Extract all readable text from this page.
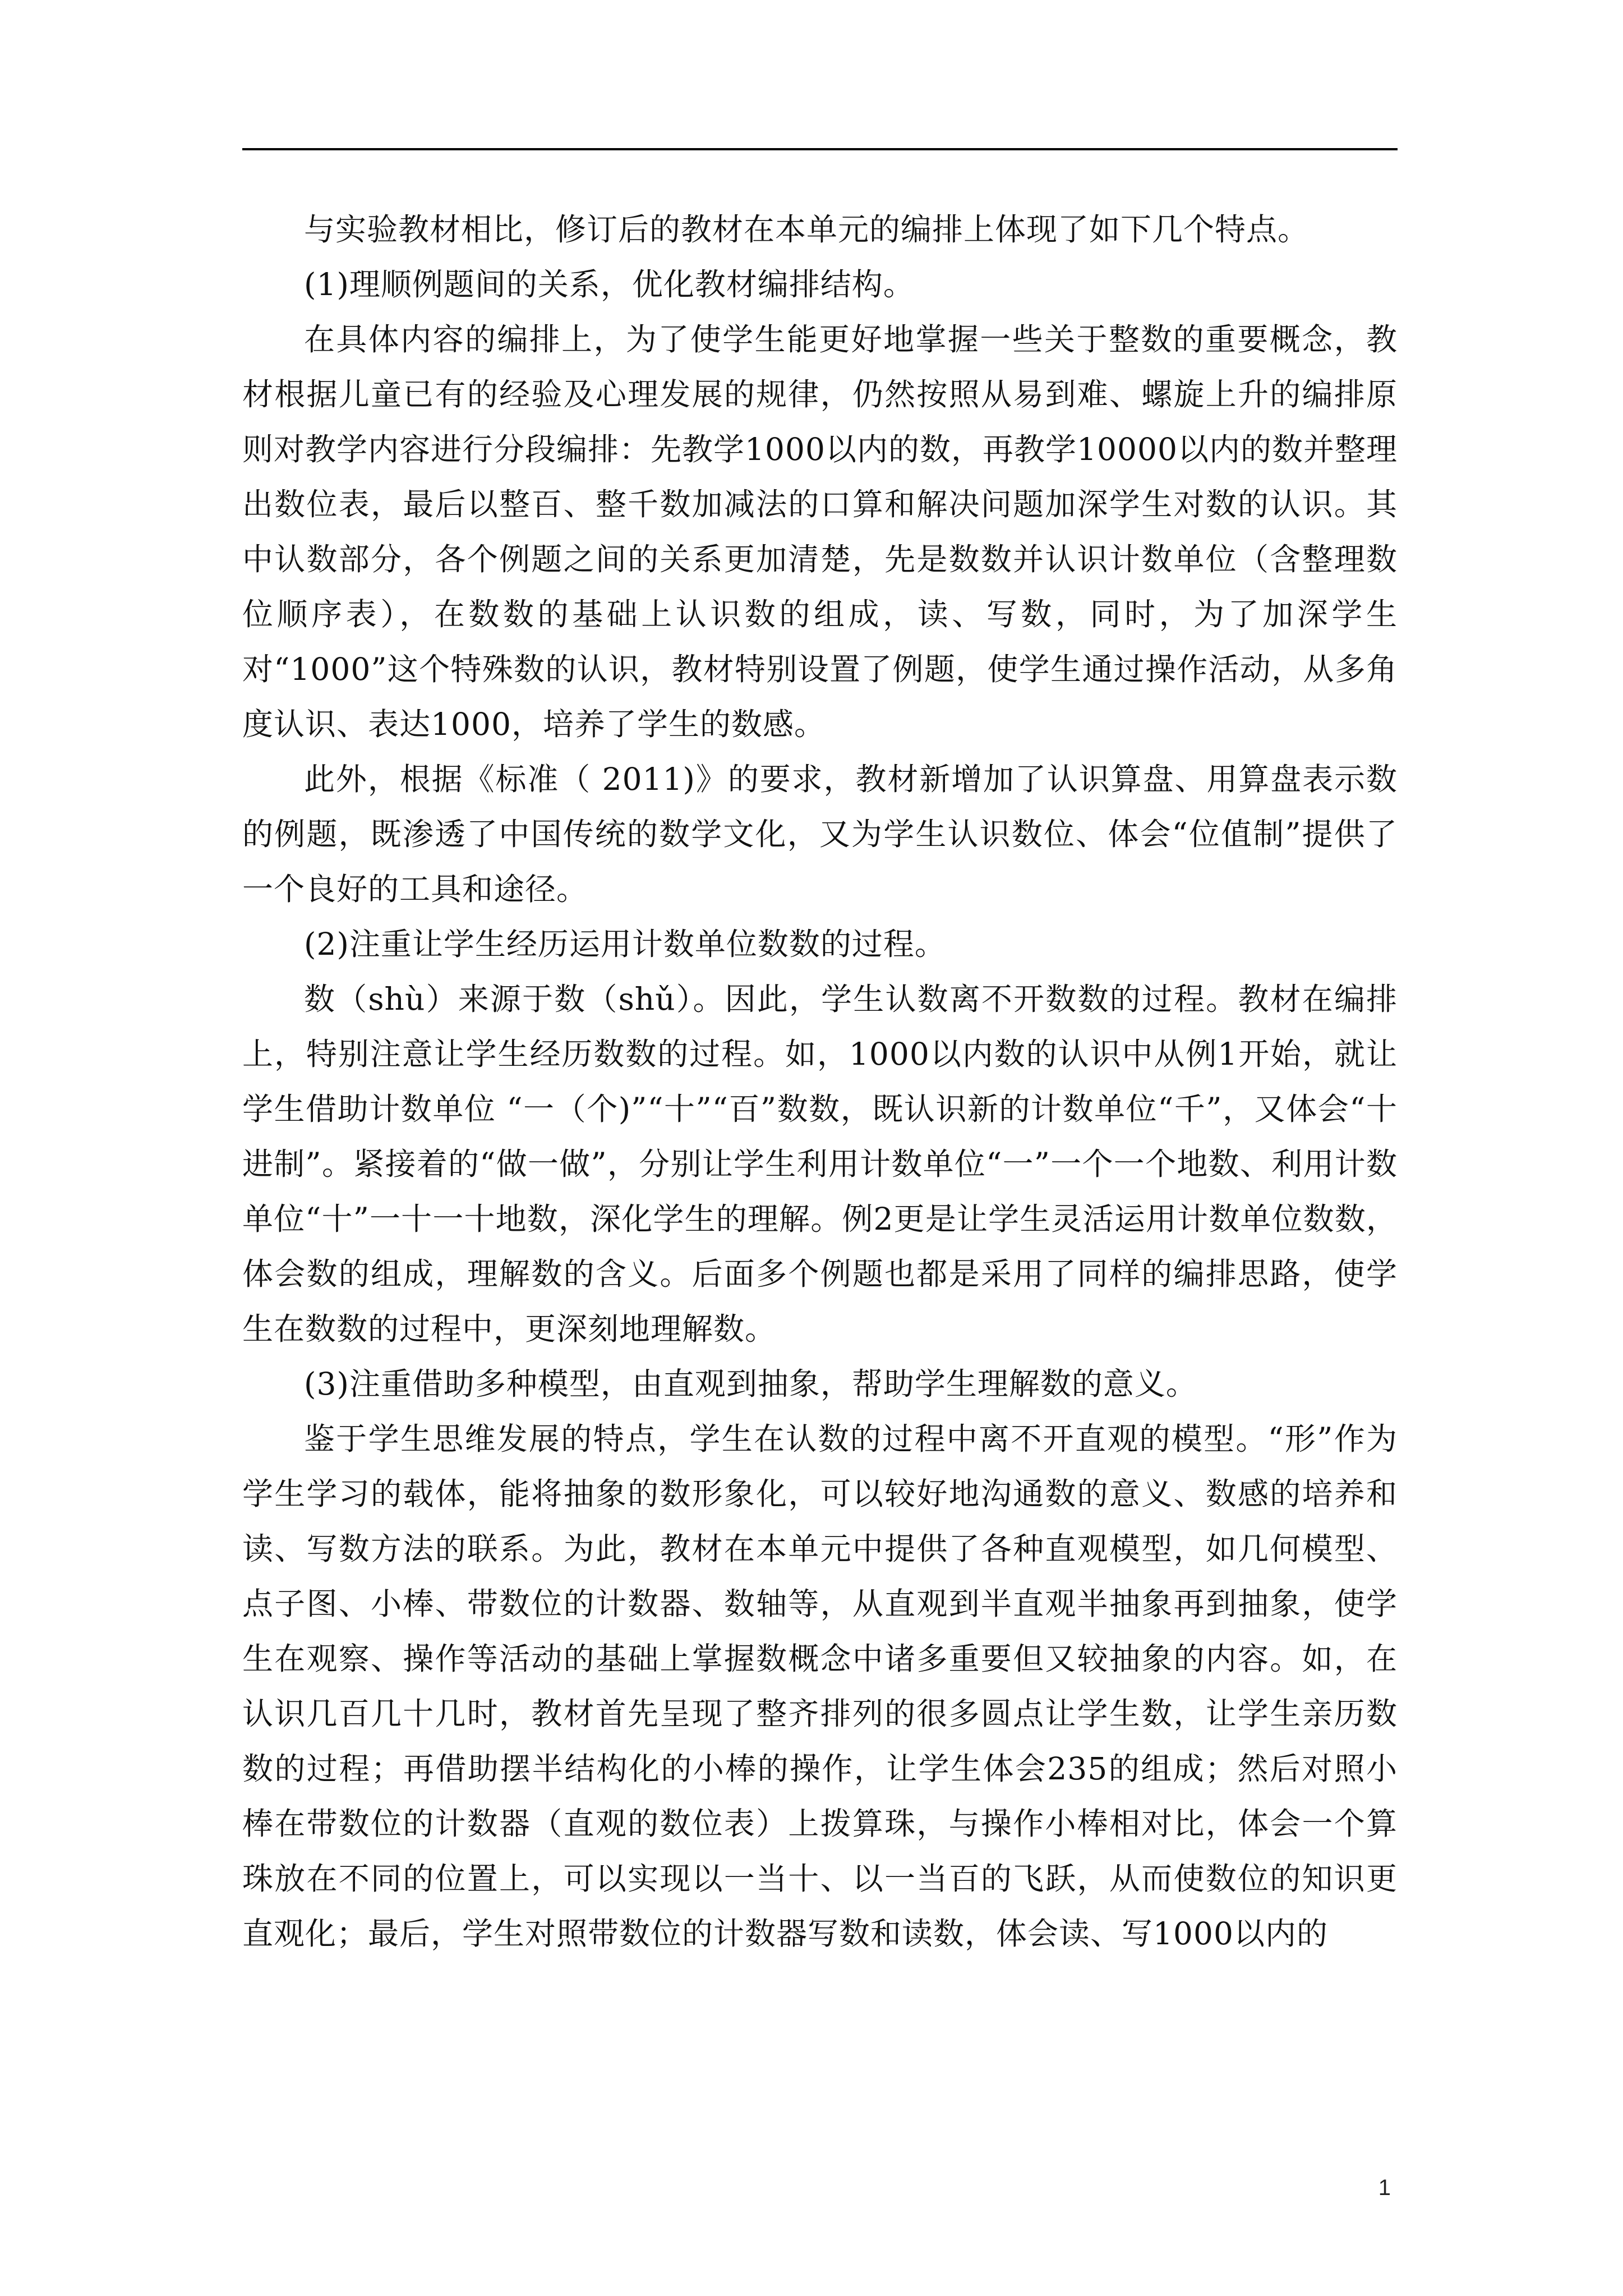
与实验教材相比，修订后的教材在本单元的编排上体现了如下几个特点。

(1)理顺例题间的关系，优化教材编排结构。

在具体内容的编排上，为了使学生能更好地掌握一些关于整数的重要概念，教材根据儿童已有的经验及心理发展的规律，仍然按照从易到难、螺旋上升的编排原则对教学内容进行分段编排：先教学1000以内的数，再教学10000以内的数并整理出数位表，最后以整百、整千数加减法的口算和解决问题加深学生对数的认识。其中认数部分，各个例题之间的关系更加清楚，先是数数并认识计数单位（含整理数位顺序表），在数数的基础上认识数的组成，读、写数，同时，为了加深学生对“1000”这个特殊数的认识，教材特别设置了例题，使学生通过操作活动，从多角度认识、表达1000，培养了学生的数感。

此外，根据《标准（ 2011)》的要求，教材新增加了认识算盘、用算盘表示数的例题，既渗透了中国传统的数学文化，又为学生认识数位、体会“位值制”提供了一个良好的工具和途径。

(2)注重让学生经历运用计数单位数数的过程。

数（shù）来源于数（shǔ）。因此，学生认数离不开数数的过程。教材在编排上，特别注意让学生经历数数的过程。如，1000以内数的认识中从例1开始，就让学生借助计数单位 “一（个)”“十”“百”数数，既认识新的计数单位“千”，又体会“十进制”。紧接着的“做一做”，分别让学生利用计数单位“一”一个一个地数、利用计数单位“十”一十一十地数，深化学生的理解。例2更是让学生灵活运用计数单位数数，体会数的组成，理解数的含义。后面多个例题也都是采用了同样的编排思路，使学生在数数的过程中，更深刻地理解数。

(3)注重借助多种模型，由直观到抽象，帮助学生理解数的意义。

鉴于学生思维发展的特点，学生在认数的过程中离不开直观的模型。“形”作为学生学习的载体，能将抽象的数形象化，可以较好地沟通数的意义、数感的培养和读、写数方法的联系。为此，教材在本单元中提供了各种直观模型，如几何模型、点子图、小棒、带数位的计数器、数轴等，从直观到半直观半抽象再到抽象，使学生在观察、操作等活动的基础上掌握数概念中诸多重要但又较抽象的内容。如，在认识几百几十几时，教材首先呈现了整齐排列的很多圆点让学生数，让学生亲历数数的过程；再借助摆半结构化的小棒的操作，让学生体会235的组成；然后对照小棒在带数位的计数器（直观的数位表）上拨算珠，与操作小棒相对比，体会一个算珠放在不同的位置上，可以实现以一当十、以一当百的飞跃，从而使数位的知识更直观化；最后，学生对照带数位的计数器写数和读数，体会读、写1000以内的

1
